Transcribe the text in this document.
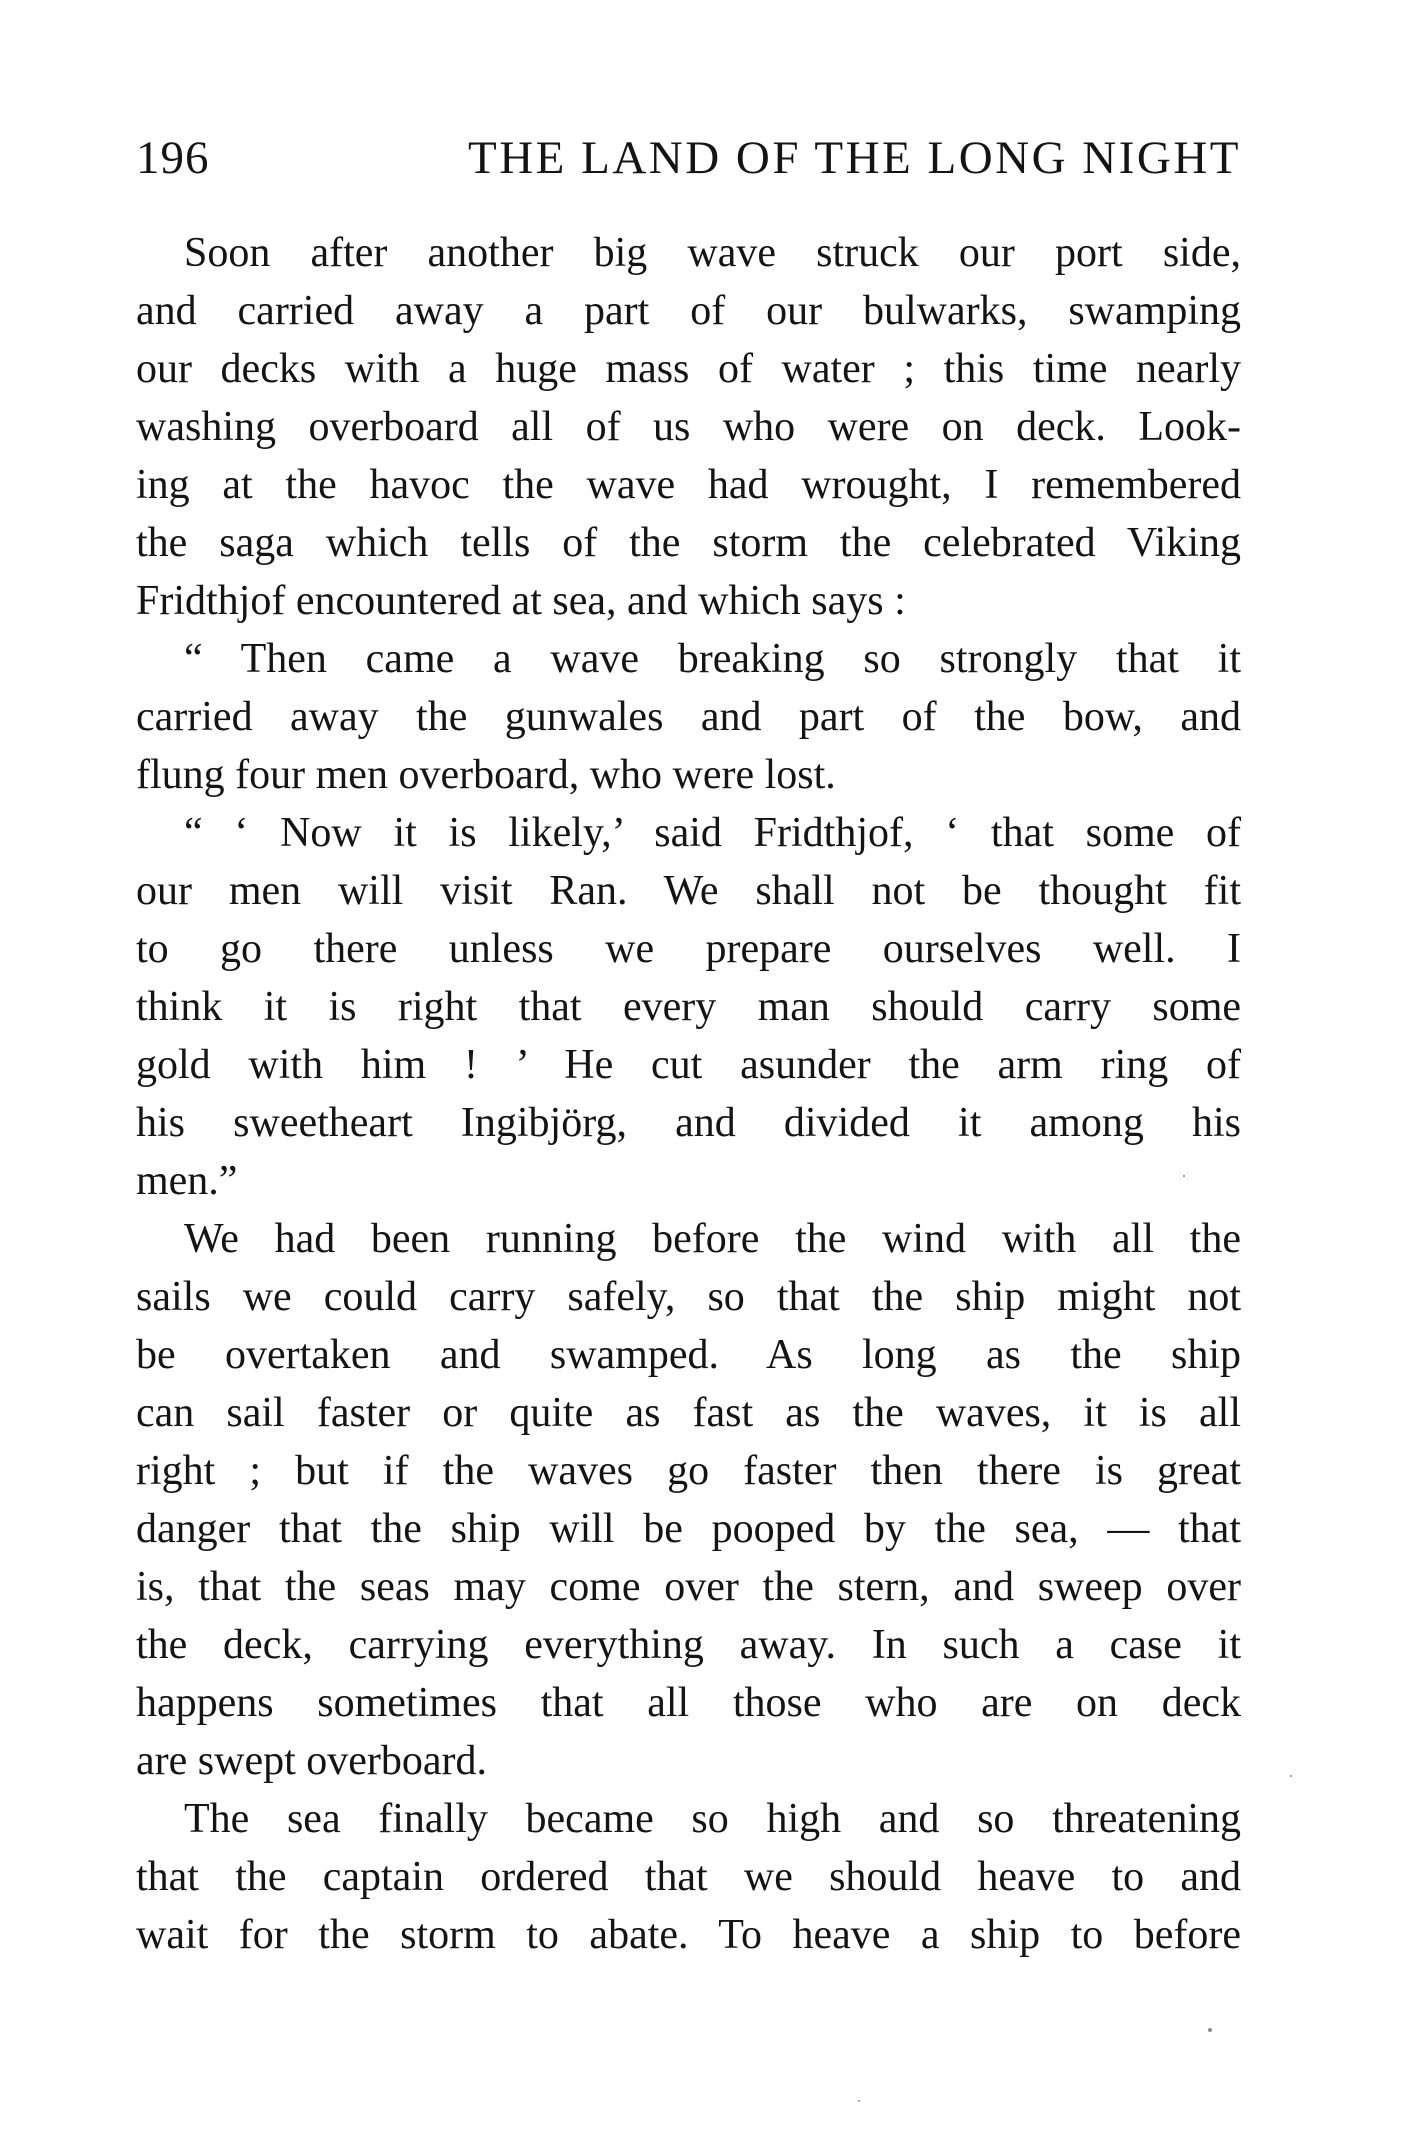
196	THE LAND OF THE LONG NIGHT
Soon after another big wave struck our port side,
and carried away a part of our bulwarks, swamping
our decks with a huge mass of water ; this time nearly
washing overboard all of us who were on deck. Look-
ing at the havoc the wave had wrought, I remembered
the saga which tells of the storm the celebrated Viking
Fridthjof encountered at sea, and which says :
“ Then came a wave breaking so strongly that it
carried away the gunwales and part of the bow, and
flung four men overboard, who were lost.
“ ‘ Now it is likely,’ said Fridthjof, ‘ that some of
our men will visit Ran. We shall not be thought fit
to go there unless we prepare ourselves well. I
think it is right that every man should carry some
gold with him ! ’ He cut asunder the arm ring of
his sweetheart Ingibjörg, and divided it among his
men.”
We had been running before the wind with all the
sails we could carry safely, so that the ship might not
be overtaken and swamped. As long as the ship
can sail faster or quite as fast as the waves, it is all
right ; but if the waves go faster then there is great
danger that the ship will be pooped by the sea, — that
is, that the seas may come over the stern, and sweep over
the deck, carrying everything away. In such a case it
happens sometimes that all those who are on deck
are swept overboard.
The sea finally became so high and so threatening
that the captain ordered that we should heave to and
wait for the storm to abate. To heave a ship to before
